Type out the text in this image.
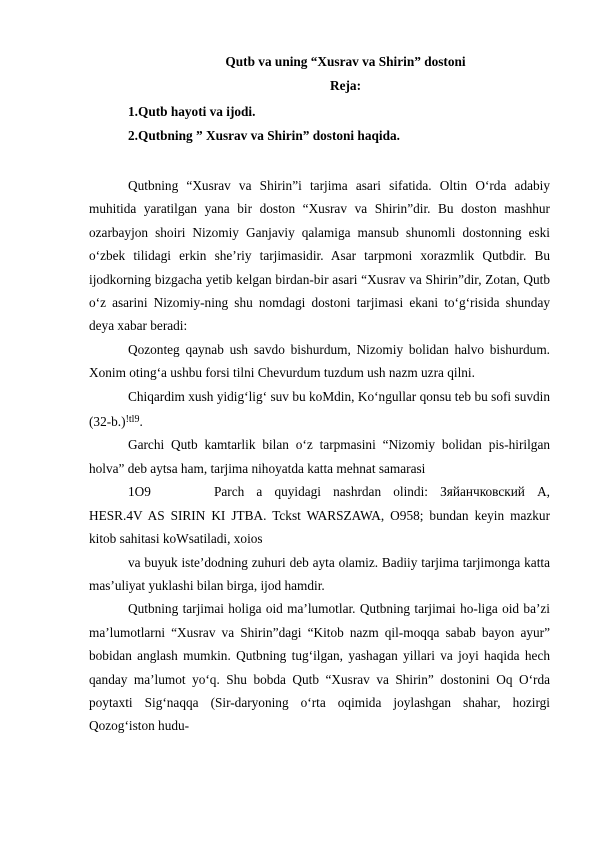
Qutb va uning “Xusrav va Shirin” dostoni

Reja:

1.Qutb hayoti va ijodi.

2.Qutbning ” Xusrav va Shirin” dostoni haqida.

Qutbning “Xusrav va Shirin”i tarjima asari sifatida. Oltin O‘rda adabiy muhitida yaratilgan yana bir doston “Xusrav va Shirin”dir. Bu doston mashhur ozarbayjon shoiri Nizomiy Ganjaviy qalamiga mansub shunomli dostonning eski o‘zbek tilidagi erkin she’riy tarjimasidir. Asar tarpmoni xorazmlik Qutbdir. Bu ijodkorning bizgacha yetib kelgan birdan-bir asari “Xusrav va Shirin”dir, Zotan, Qutb o‘z asarini Nizomiy-ning shu nomdagi dostoni tarjimasi ekani to‘g‘risida shunday deya xabar beradi:

Qozonteg qaynab ush savdo bishurdum, Nizomiy bolidan halvo bishurdum. Xonim oting‘a ushbu forsi tilni Chevurdum tuzdum ush nazm uzra qilni.

Chiqardim xush yidig‘lig‘ suv bu koMdin, Ko‘ngullar qonsu teb bu sofi suvdin $(32-b.)^{!tl9}$.

Garchi Qutb kamtarlik bilan o‘z tarpmasini “Nizomiy bolidan pis-hirilgan holva” deb aytsa ham, tarjima nihoyatda katta mehnat samarasi

1O9	Parch a quyidagi nashrdan olindi: Зяйанчковский А, HESR.4V AS SIRIN KI JTBA. Tckst WARSZAWA, O958; bundan keyin mazkur kitob sahitasi koWsatiladi, xoios

va buyuk iste’dodning zuhuri deb ayta olamiz. Badiiy tarjima tarjimonga katta mas’uliyat yuklashi bilan birga, ijod hamdir.

Qutbning tarjimai holiga oid ma’lumotlar. Qutbning tarjimai ho-liga oid ba’zi ma’lumotlarni “Xusrav va Shirin”dagi “Kitob nazm qil-moqqa sabab bayon ayur” bobidan anglash mumkin. Qutbning tug‘ilgan, yashagan yillari va joyi haqida hech qanday ma’lumot yo‘q. Shu bobda Qutb “Xusrav va Shirin” dostonini Oq O‘rda poytaxti Sig‘naqqa (Sir-daryoning o‘rta oqimida joylashgan shahar, hozirgi Qozog‘iston hudu-
